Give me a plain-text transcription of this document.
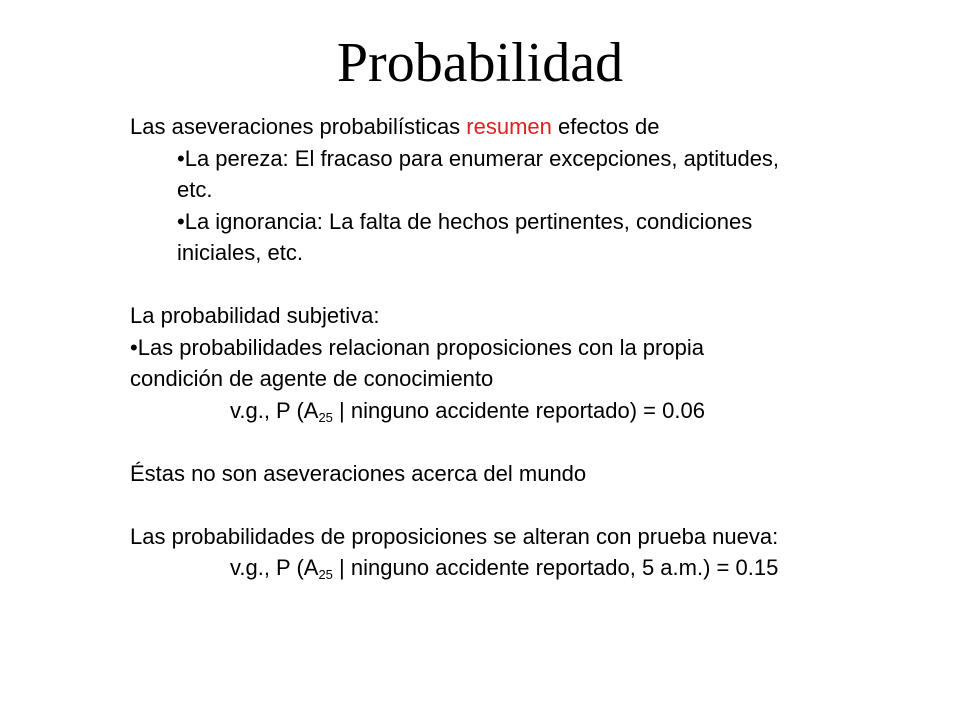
Probabilidad
Las aseveraciones probabilísticas resumen efectos de
•La pereza: El fracaso para enumerar excepciones, aptitudes,
etc.
•La ignorancia: La falta de hechos pertinentes, condiciones
iniciales, etc.
La probabilidad subjetiva:
•Las probabilidades relacionan proposiciones con la propia
condición de agente de conocimiento
v.g., P ($A_{25}$ | ninguno accidente reportado) = 0.06
Éstas no son aseveraciones acerca del mundo
Las probabilidades de proposiciones se alteran con prueba nueva:
v.g., P ($A_{25}$ | ninguno accidente reportado, 5 a.m.) = 0.15
